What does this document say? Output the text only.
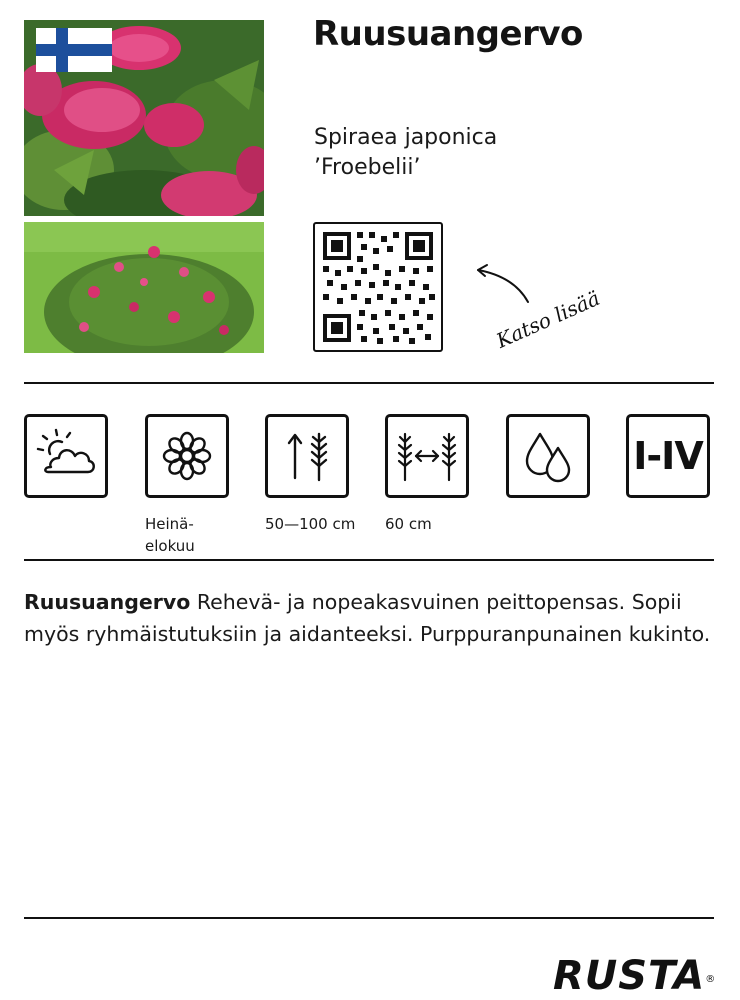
Ruusuangervo
Spiraea japonica
’Froebelii’
Katso lisää
I-IV
Heinä-
elokuu
50—100 cm 60 cm

Ruusuangervo Rehevä- ja nopeakasvuinen peittopensas. Sopii myös ryhmäistutuksiin ja aidanteeksi. Purppuranpunainen kukinto.

RUSTA®
